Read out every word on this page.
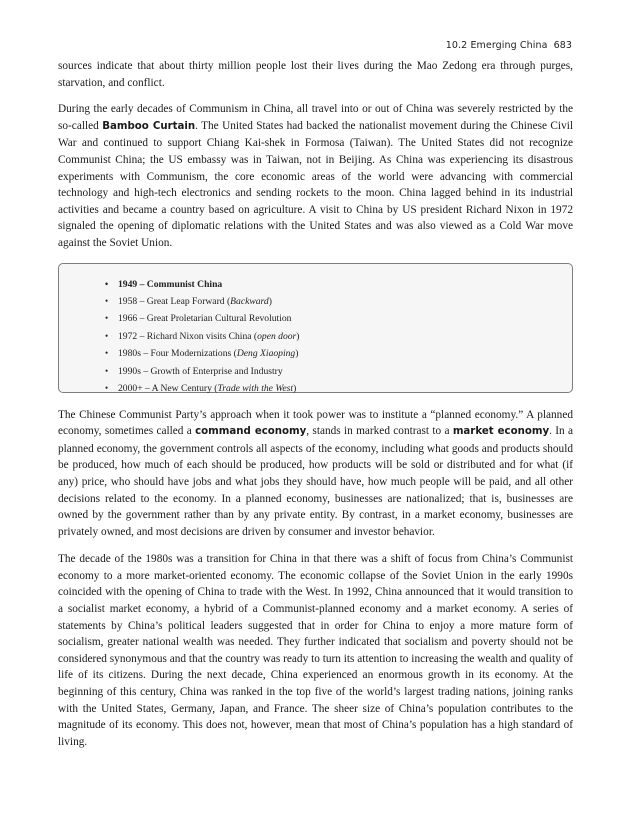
10.2 Emerging China 683

sources indicate that about thirty million people lost their lives during the Mao Zedong era through purges, starvation, and conflict.

During the early decades of Communism in China, all travel into or out of China was severely restricted by the so-called Bamboo Curtain. The United States had backed the nationalist movement during the Chinese Civil War and continued to support Chiang Kai-shek in Formosa (Taiwan). The United States did not recognize Communist China; the US embassy was in Taiwan, not in Beijing. As China was experiencing its disastrous experiments with Communism, the core economic areas of the world were advancing with commercial technology and high-tech electronics and sending rockets to the moon. China lagged behind in its industrial activities and became a country based on agriculture. A visit to China by US president Richard Nixon in 1972 signaled the opening of diplomatic relations with the United States and was also viewed as a Cold War move against the Soviet Union.

• 1949 – Communist China
• 1958 – Great Leap Forward (Backward)
• 1966 – Great Proletarian Cultural Revolution
• 1972 – Richard Nixon visits China (open door)
• 1980s – Four Modernizations (Deng Xiaoping)
• 1990s – Growth of Enterprise and Industry
• 2000+ – A New Century (Trade with the West)

The Chinese Communist Party’s approach when it took power was to institute a “planned economy.” A planned economy, sometimes called a command economy, stands in marked contrast to a market economy. In a planned economy, the government controls all aspects of the economy, including what goods and products should be produced, how much of each should be produced, how products will be sold or distributed and for what (if any) price, who should have jobs and what jobs they should have, how much people will be paid, and all other decisions related to the economy. In a planned economy, businesses are nationalized; that is, businesses are owned by the government rather than by any private entity. By contrast, in a market economy, businesses are privately owned, and most decisions are driven by consumer and investor behavior.

The decade of the 1980s was a transition for China in that there was a shift of focus from China’s Communist economy to a more market-oriented economy. The economic collapse of the Soviet Union in the early 1990s coincided with the opening of China to trade with the West. In 1992, China announced that it would transition to a socialist market economy, a hybrid of a Communist-planned economy and a market economy. A series of statements by China’s political leaders suggested that in order for China to enjoy a more mature form of socialism, greater national wealth was needed. They further indicated that socialism and poverty should not be considered synonymous and that the country was ready to turn its attention to increasing the wealth and quality of life of its citizens. During the next decade, China experienced an enormous growth in its economy. At the beginning of this century, China was ranked in the top five of the world’s largest trading nations, joining ranks with the United States, Germany, Japan, and France. The sheer size of China’s population contributes to the magnitude of its economy. This does not, however, mean that most of China’s population has a high standard of living.
